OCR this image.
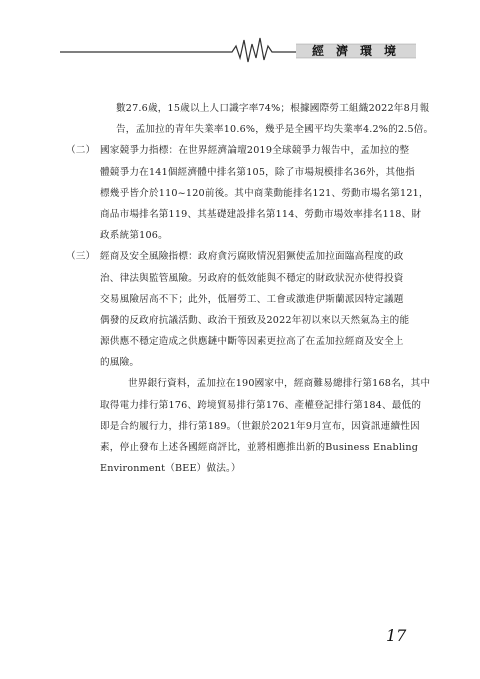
經濟環境
數27.6歲，15歲以上人口識字率74%；根據國際勞工組織2022年8月報
告，孟加拉的青年失業率10.6%，幾乎是全國平均失業率4.2%的2.5倍。
（二） 國家競爭力指標：在世界經濟論壇2019全球競爭力報告中，孟加拉的整
體競爭力在141個經濟體中排名第105，除了市場規模排名36外，其他指
標幾乎皆介於110~120前後。其中商業動能排名121、勞動市場名第121，
商品市場排名第119、其基礎建設排名第114、勞動市場效率排名118、財
政系統第106。
（三） 經商及安全風險指標：政府貪污腐敗情況猖獗使孟加拉面臨高程度的政
治、律法與監管風險。另政府的低效能與不穩定的財政狀況亦使得投資
交易風險居高不下；此外，低層勞工、工會或激進伊斯蘭派因特定議題
偶發的反政府抗議活動、政治干預致及2022年初以來以天然氣為主的能
源供應不穩定造成之供應鏈中斷等因素更拉高了在孟加拉經商及安全上
的風險。
世界銀行資料，孟加拉在190國家中，經商難易總排行第168名，其中
取得電力排行第176、跨境貿易排行第176、產權登記排行第184、最低的
即是合約履行力，排行第189。（世銀於2021年9月宣布，因資訊連續性因
素，停止發布上述各國經商評比，並將相應推出新的Business Enabling
Environment（BEE）做法。）
17
